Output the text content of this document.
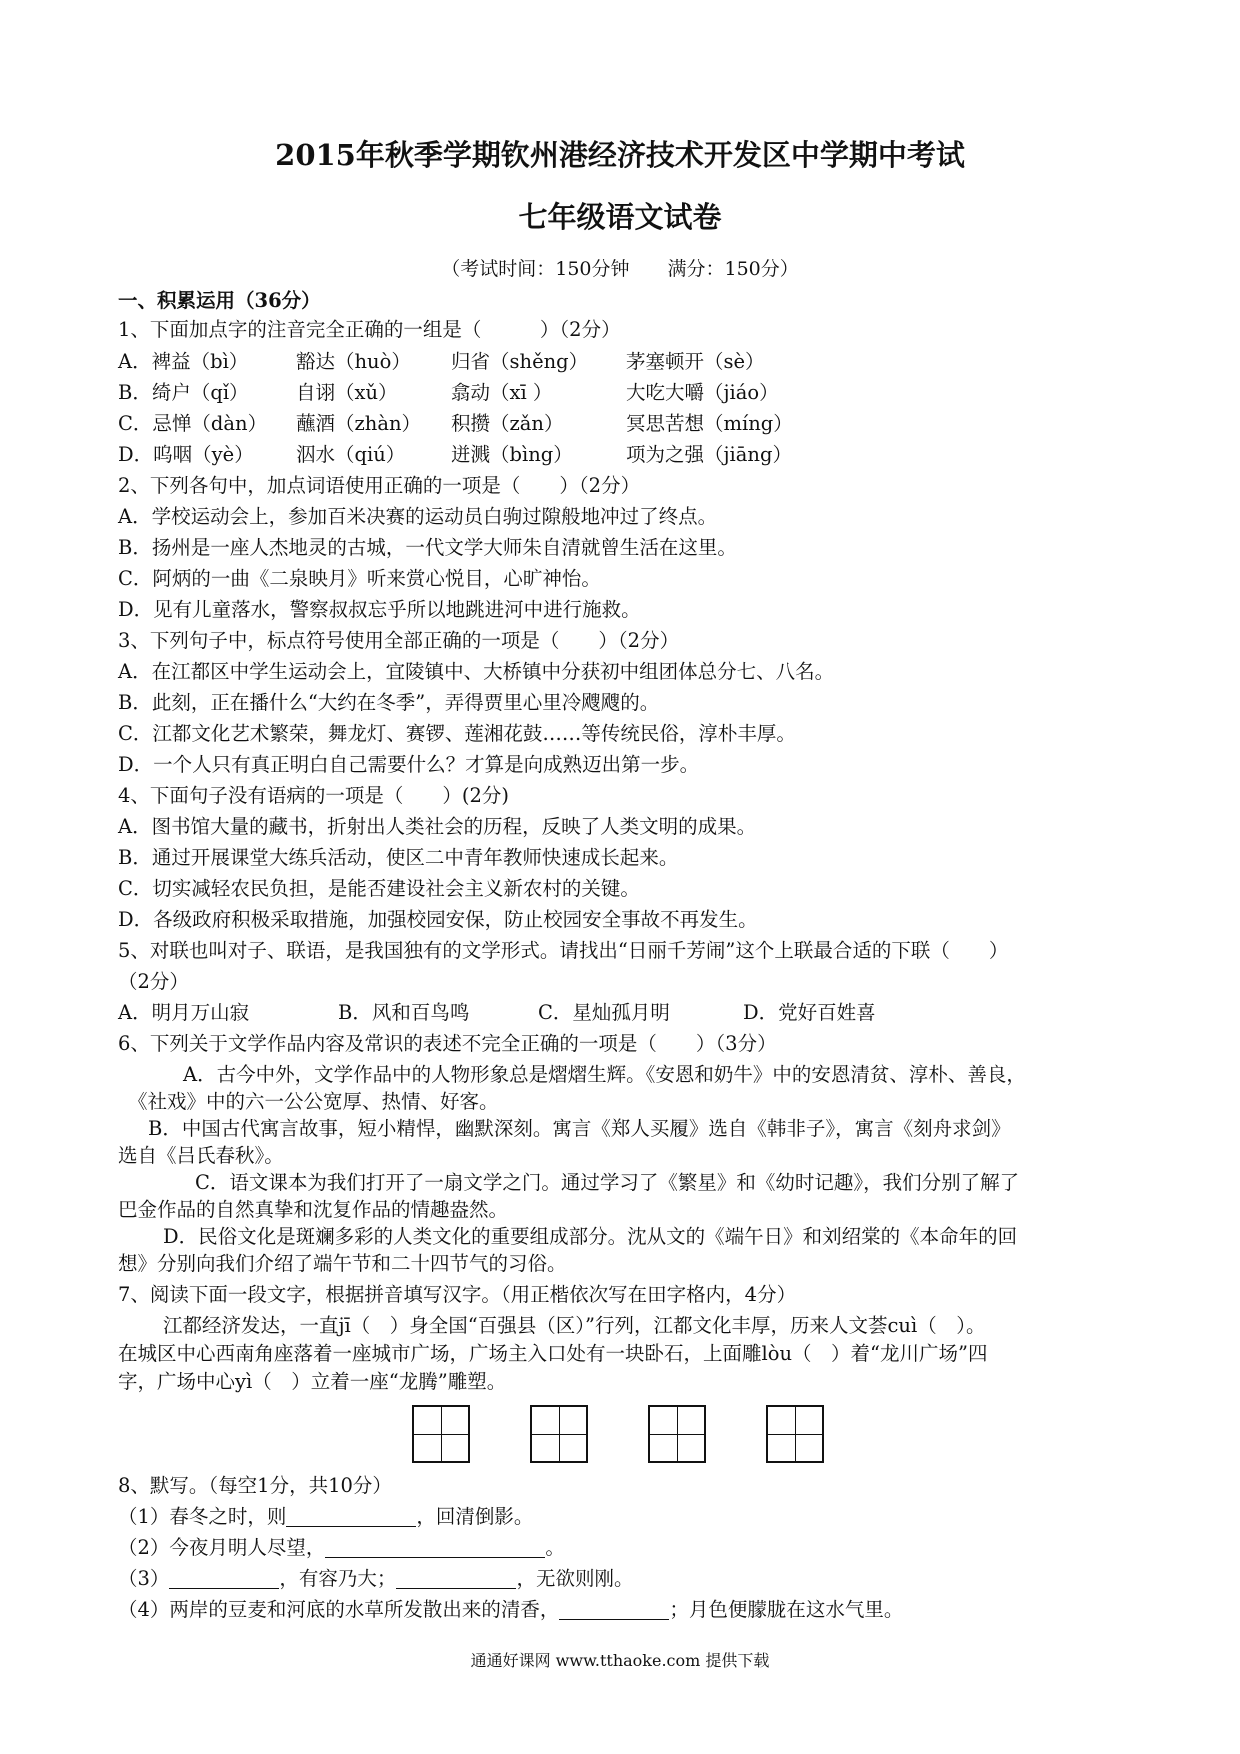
2015年秋季学期钦州港经济技术开发区中学期中考试
七年级语文试卷
（考试时间：150分钟　　满分：150分）
一、积累运用（36分）
1、下面加点字的注音完全正确的一组是（　　　）（2分）
A．裨益（bì） 豁达（huò） 归省（shěng） 茅塞顿开（sè）
B．绮户（qǐ） 自诩（xǔ）	翕动（xī ）	大吃大嚼（jiáo）
C．忌惮（dàn） 蘸酒（zhàn） 积攒（zǎn）	冥思苦想（míng）
D．呜咽（yè） 泅水（qiú） 迸溅（bìng）	项为之强（jiāng）
2、下列各句中，加点词语使用正确的一项是（　　）（2分）
A．学校运动会上，参加百米决赛的运动员白驹过隙般地冲过了终点。
B．扬州是一座人杰地灵的古城，一代文学大师朱自清就曾生活在这里。
C．阿炳的一曲《二泉映月》听来赏心悦目，心旷神怡。
D．见有儿童落水，警察叔叔忘乎所以地跳进河中进行施救。
3、下列句子中，标点符号使用全部正确的一项是（　　）（2分）
A．在江都区中学生运动会上，宜陵镇中、大桥镇中分获初中组团体总分七、八名。
B．此刻，正在播什么“大约在冬季”，弄得贾里心里冷飕飕的。
C．江都文化艺术繁荣，舞龙灯、赛锣、莲湘花鼓……等传统民俗，淳朴丰厚。
D．一个人只有真正明白自己需要什么？才算是向成熟迈出第一步。
4、下面句子没有语病的一项是（　　）(2分)
A．图书馆大量的藏书，折射出人类社会的历程，反映了人类文明的成果。
B．通过开展课堂大练兵活动，使区二中青年教师快速成长起来。
C．切实减轻农民负担，是能否建设社会主义新农村的关键。
D．各级政府积极采取措施，加强校园安保，防止校园安全事故不再发生。
5、对联也叫对子、联语，是我国独有的文学形式。请找出“日丽千芳闹”这个上联最合适的下联（　　）
（2分）
A．明月万山寂	B．风和百鸟鸣	C．星灿孤月明	D．党好百姓喜
6、下列关于文学作品内容及常识的表述不完全正确的一项是（　　）（3分）
A．古今中外，文学作品中的人物形象总是熠熠生辉。《安恩和奶牛》中的安恩清贫、淳朴、善良，
《社戏》中的六一公公宽厚、热情、好客。
B．中国古代寓言故事，短小精悍，幽默深刻。寓言《郑人买履》选自《韩非子》，寓言《刻舟求剑》
选自《吕氏春秋》。
C．语文课本为我们打开了一扇文学之门。通过学习了《繁星》和《幼时记趣》，我们分别了解了
巴金作品的自然真挚和沈复作品的情趣盎然。
D．民俗文化是斑斓多彩的人类文化的重要组成部分。沈从文的《端午日》和刘绍棠的《本命年的回
想》分别向我们介绍了端午节和二十四节气的习俗。
7、阅读下面一段文字，根据拼音填写汉字。（用正楷依次写在田字格内，4分）
江都经济发达，一直jī（　）身全国“百强县（区）”行列，江都文化丰厚，历来人文荟cuì（　）。
在城区中心西南角座落着一座城市广场，广场主入口处有一块卧石，上面雕lòu（　）着“龙川广场”四
字，广场中心yì（　）立着一座“龙腾”雕塑。
8、默写。（每空1分，共10分）
（1）春冬之时，则	，回清倒影。
（2）今夜月明人尽望，	。
（3）	，有容乃大；	，无欲则刚。
（4）两岸的豆麦和河底的水草所发散出来的清香，	；月色便朦胧在这水气里。
通通好课网 www.tthaoke.com 提供下载
